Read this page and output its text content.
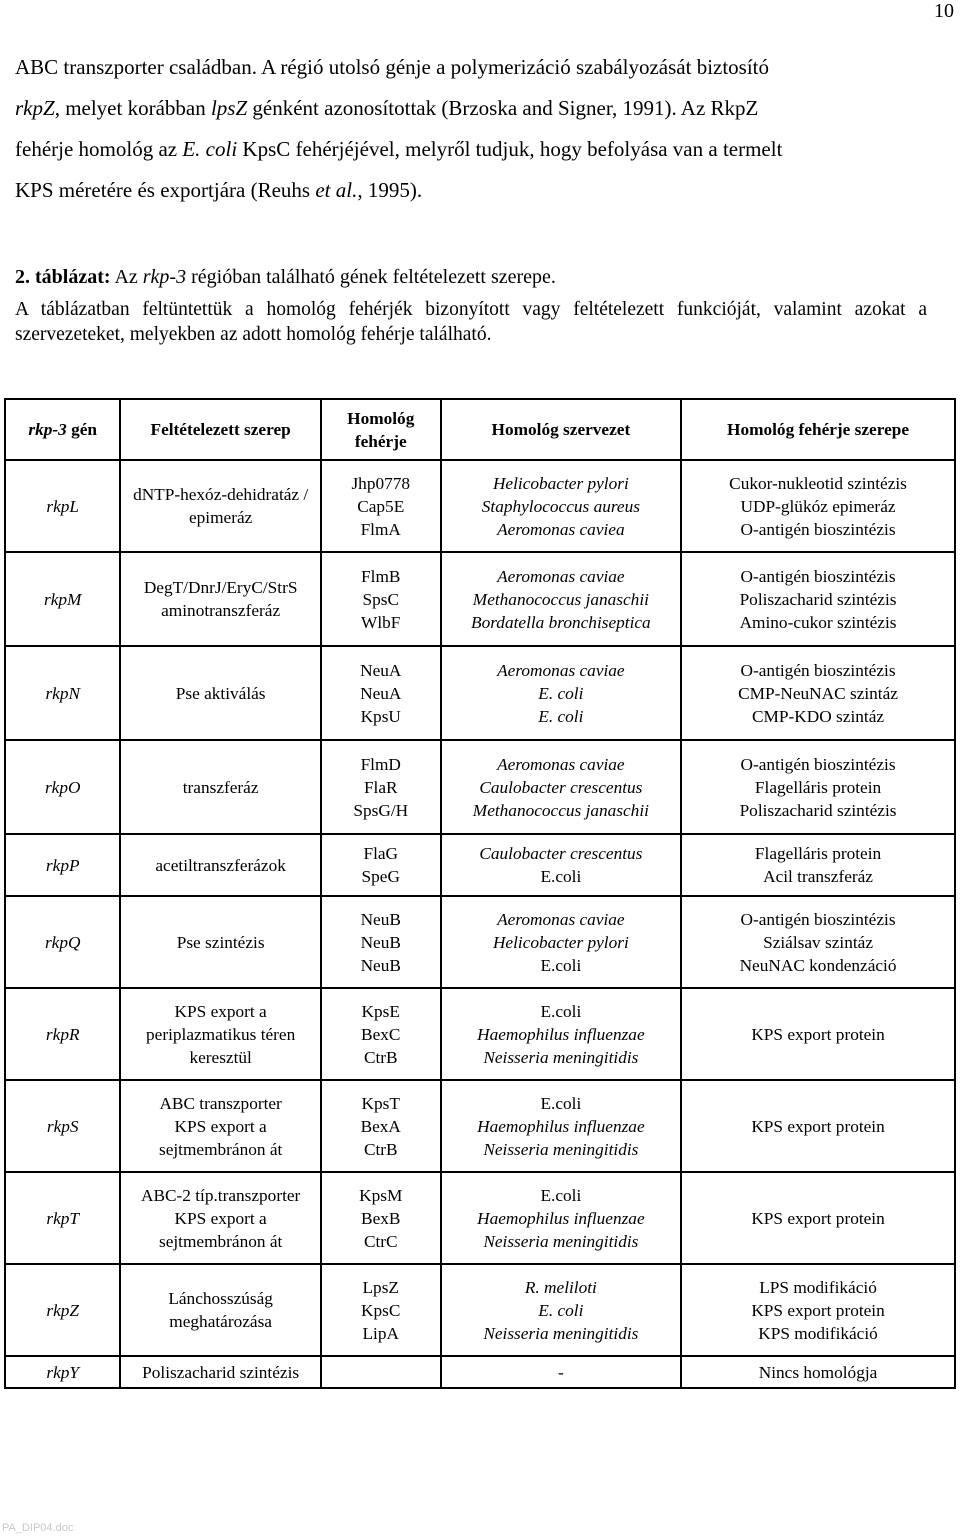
10
ABC transzporter családban. A régió utolsó génje a polymerizáció szabályozását biztosító
rkpZ, melyet korábban lpsZ génként azonosítottak (Brzoska and Signer, 1991). Az RkpZ
fehérje homológ az E. coli KpsC fehérjéjével, melyről tudjuk, hogy befolyása van a termelt
KPS méretére és exportjára (Reuhs et al., 1995).
2. táblázat: Az rkp-3 régióban található gének feltételezett szerepe.
A táblázatban feltüntettük a homológ fehérjék bizonyított vagy feltételezett funkcióját, valamint azokat a szervezeteket, melyekben az adott homológ fehérje található.
rkp-3 gén	Feltételezett szerep	Homológ
fehérje	Homológ szervezet	Homológ fehérje szerepe
rkpL	dNTP-hexóz-dehidratáz /
epimeráz	Jhp0778
Cap5E
FlmA	Helicobacter pylori
Staphylococcus aureus
Aeromonas caviea	Cukor-nukleotid szintézis
UDP-glükóz epimeráz
O-antigén bioszintézis

rkpM	DegT/DnrJ/EryC/StrS
aminotranszferáz	FlmB
SpsC
WlbF	Aeromonas caviae
Methanococcus janaschii
Bordatella bronchiseptica	O-antigén bioszintézis
Poliszacharid szintézis
Amino-cukor szintézis

rkpN	Pse aktiválás	NeuA
NeuA
KpsU	Aeromonas caviae
E. coli
E. coli	O-antigén bioszintézis
CMP-NeuNAC szintáz
CMP-KDO szintáz

rkpO	transzferáz	FlmD
FlaR
SpsG/H	Aeromonas caviae
Caulobacter crescentus
Methanococcus janaschii	O-antigén bioszintézis
Flagelláris protein
Poliszacharid szintézis

rkpP	acetiltranszferázok	FlaG
SpeG	Caulobacter crescentus
E.coli	Flagelláris protein
Acil transzferáz

rkpQ	Pse szintézis	NeuB
NeuB
NeuB	Aeromonas caviae
Helicobacter pylori
E.coli	O-antigén bioszintézis
Sziálsav szintáz
NeuNAC kondenzáció

rkpR	KPS export a
periplazmatikus téren
keresztül	KpsE
BexC
CtrB	E.coli
Haemophilus influenzae
Neisseria meningitidis	KPS export protein

rkpS	ABC transzporter
KPS export a
sejtmembránon át	KpsT
BexA
CtrB	E.coli
Haemophilus influenzae
Neisseria meningitidis	KPS export protein

rkpT	ABC-2 típ.transzporter
KPS export a
sejtmembránon át	KpsM
BexB
CtrC	E.coli
Haemophilus influenzae
Neisseria meningitidis	KPS export protein

rkpZ	Lánchosszúság
meghatározása	LpsZ
KpsC
LipA	R. meliloti
E. coli
Neisseria meningitidis	LPS modifikáció
KPS export protein
KPS modifikáció

rkpY	Poliszacharid szintézis		-	Nincs homológja
PA_DIP04.doc
